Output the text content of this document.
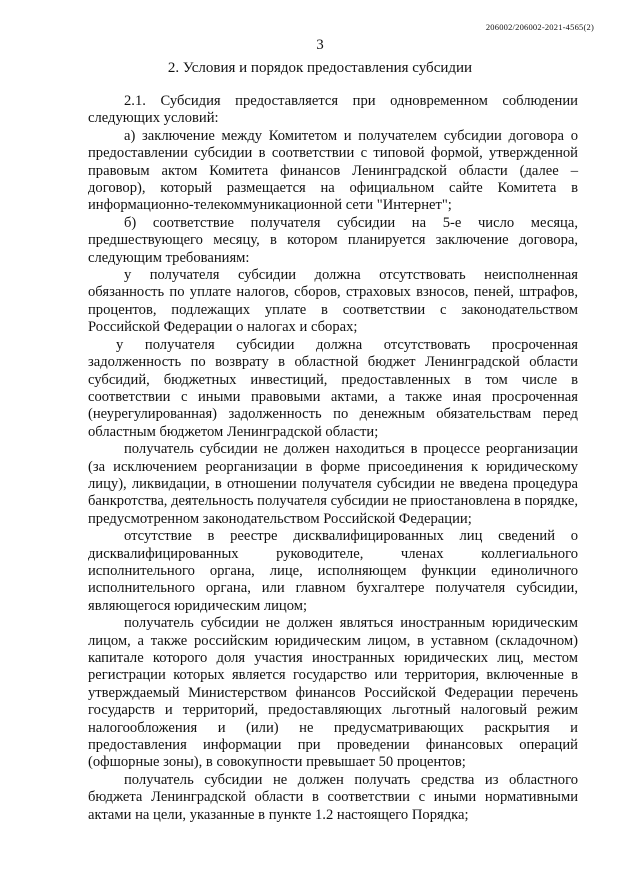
206002/206002-2021-4565(2)
3
2. Условия и порядок предоставления субсидии

2.1. Субсидия предоставляется при одновременном соблюдении следующих условий:

а) заключение между Комитетом и получателем субсидии договора о предоставлении субсидии в соответствии с типовой формой, утвержденной правовым актом Комитета финансов Ленинградской области (далее – договор), который размещается на официальном сайте Комитета в информационно-телекоммуникационной сети "Интернет";

б) соответствие получателя субсидии на 5-е число месяца, предшествующего месяцу, в котором планируется заключение договора, следующим требованиям:

у получателя субсидии должна отсутствовать неисполненная обязанность по уплате налогов, сборов, страховых взносов, пеней, штрафов, процентов, подлежащих уплате в соответствии с законодательством Российской Федерации о налогах и сборах;

у получателя субсидии должна отсутствовать просроченная задолженность по возврату в областной бюджет Ленинградской области субсидий, бюджетных инвестиций, предоставленных в том числе в соответствии с иными правовыми актами, а также иная просроченная (неурегулированная) задолженность по денежным обязательствам перед областным бюджетом Ленинградской области;

получатель субсидии не должен находиться в процессе реорганизации (за исключением реорганизации в форме присоединения к юридическому лицу), ликвидации, в отношении получателя субсидии не введена процедура банкротства, деятельность получателя субсидии не приостановлена в порядке, предусмотренном законодательством Российской Федерации;

отсутствие в реестре дисквалифицированных лиц сведений о дисквалифицированных руководителе, членах коллегиального исполнительного органа, лице, исполняющем функции единоличного исполнительного органа, или главном бухгалтере получателя субсидии, являющегося юридическим лицом;

получатель субсидии не должен являться иностранным юридическим лицом, а также российским юридическим лицом, в уставном (складочном) капитале которого доля участия иностранных юридических лиц, местом регистрации которых является государство или территория, включенные в утверждаемый Министерством финансов Российской Федерации перечень государств и территорий, предоставляющих льготный налоговый режим налогообложения и (или) не предусматривающих раскрытия и предоставления информации при проведении финансовых операций (офшорные зоны), в совокупности превышает 50 процентов;

получатель субсидии не должен получать средства из областного бюджета Ленинградской области в соответствии с иными нормативными актами на цели, указанные в пункте 1.2 настоящего Порядка;
